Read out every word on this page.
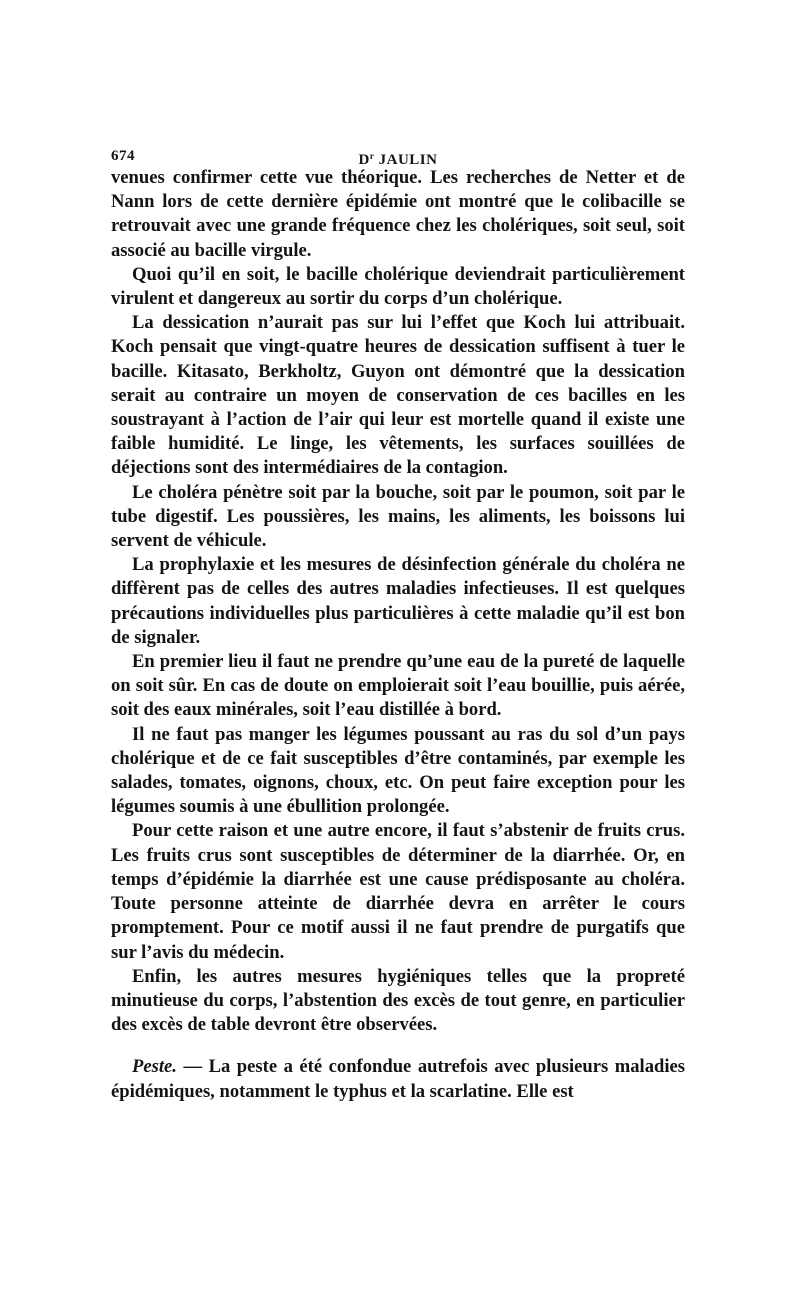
674	$D^r$ JAULIN

venues confirmer cette vue théorique. Les recherches de Netter et de Nann lors de cette dernière épidémie ont montré que le colibacille se retrouvait avec une grande fréquence chez les cholériques, soit seul, soit associé au bacille virgule.

Quoi qu’il en soit, le bacille cholérique deviendrait particulièrement virulent et dangereux au sortir du corps d’un cholérique.

La dessication n’aurait pas sur lui l’effet que Koch lui attribuait. Koch pensait que vingt-quatre heures de dessication suffisent à tuer le bacille. Kitasato, Berkholtz, Guyon ont démontré que la dessication serait au contraire un moyen de conservation de ces bacilles en les soustrayant à l’action de l’air qui leur est mortelle quand il existe une faible humidité. Le linge, les vêtements, les surfaces souillées de déjections sont des intermédiaires de la contagion.

Le choléra pénètre soit par la bouche, soit par le poumon, soit par le tube digestif. Les poussières, les mains, les aliments, les boissons lui servent de véhicule.

La prophylaxie et les mesures de désinfection générale du choléra ne diffèrent pas de celles des autres maladies infectieuses. Il est quelques précautions individuelles plus particulières à cette maladie qu’il est bon de signaler.

En premier lieu il faut ne prendre qu’une eau de la pureté de laquelle on soit sûr. En cas de doute on emploierait soit l’eau bouillie, puis aérée, soit des eaux minérales, soit l’eau distillée à bord.

Il ne faut pas manger les légumes poussant au ras du sol d’un pays cholérique et de ce fait susceptibles d’être contaminés, par exemple les salades, tomates, oignons, choux, etc. On peut faire exception pour les légumes soumis à une ébullition prolongée.

Pour cette raison et une autre encore, il faut s’abstenir de fruits crus. Les fruits crus sont susceptibles de déterminer de la diarrhée. Or, en temps d’épidémie la diarrhée est une cause prédisposante au choléra. Toute personne atteinte de diarrhée devra en arrêter le cours promptement. Pour ce motif aussi il ne faut prendre de purgatifs que sur l’avis du médecin.

Enfin, les autres mesures hygiéniques telles que la propreté minutieuse du corps, l’abstention des excès de tout genre, en particulier des excès de table devront être observées.

Peste. — La peste a été confondue autrefois avec plusieurs maladies épidémiques, notamment le typhus et la scarlatine. Elle est
